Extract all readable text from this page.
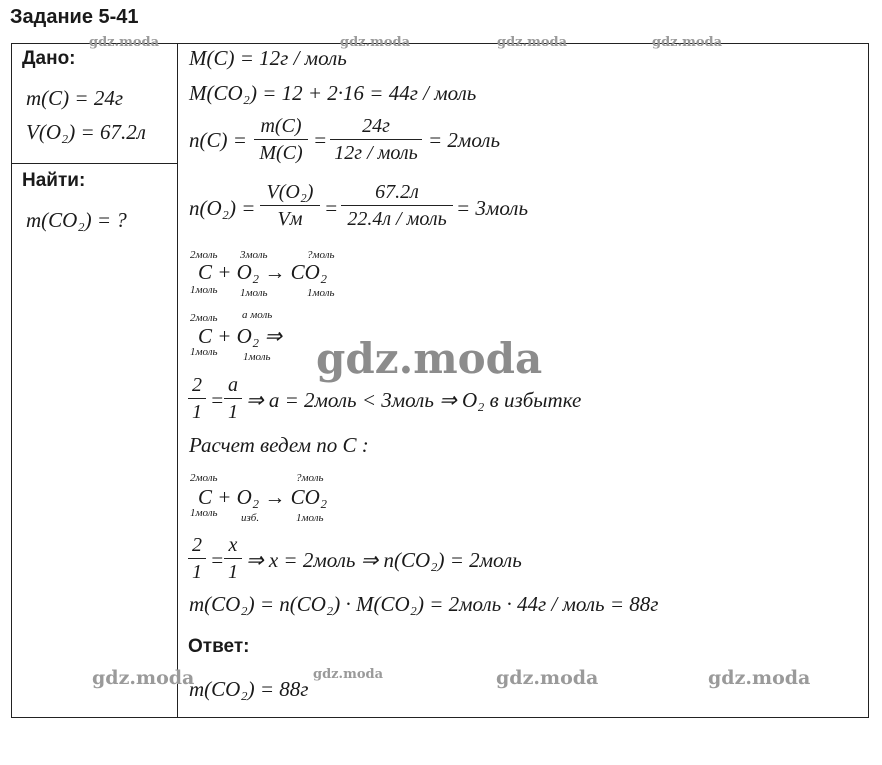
Задание 5-41
Дано:
m(C) = 24г
V(O₂) = 67.2л
Найти:
m(CO₂) = ?
M(C) = 12г / моль
M(CO₂) = 12 + 2·16 = 44г / моль
n(C) =
m(C)
M(C)
=
24г
12г / моль
= 2моль
n(O₂) =
V(O₂)
Vм	=
67.2л
22.4л / моль = 3моль
2моль 3моль	?моль
C + O₂ → CO₂
1моль 1моль	1моль
2моль a моль
C + O₂ ⇒
1моль 1моль
2
1 =
a
1 ⇒ a = 2моль < 3моль ⇒ O₂ в избытке
Расчет ведем по C :
2моль	?моль
C + O₂ → CO₂
1моль изб.	1моль
2
1 =
x
1 ⇒ x = 2моль ⇒ n(CO₂) = 2моль
m(CO₂) = n(CO₂) · M(CO₂) = 2моль · 44г / моль = 88г
Ответ:
m(CO₂) = 88г
gdz.moda	gdz.moda	gdz.moda	gdz.moda
gdz.moda
gdz.moda	gdz.moda	gdz.moda	gdz.moda
